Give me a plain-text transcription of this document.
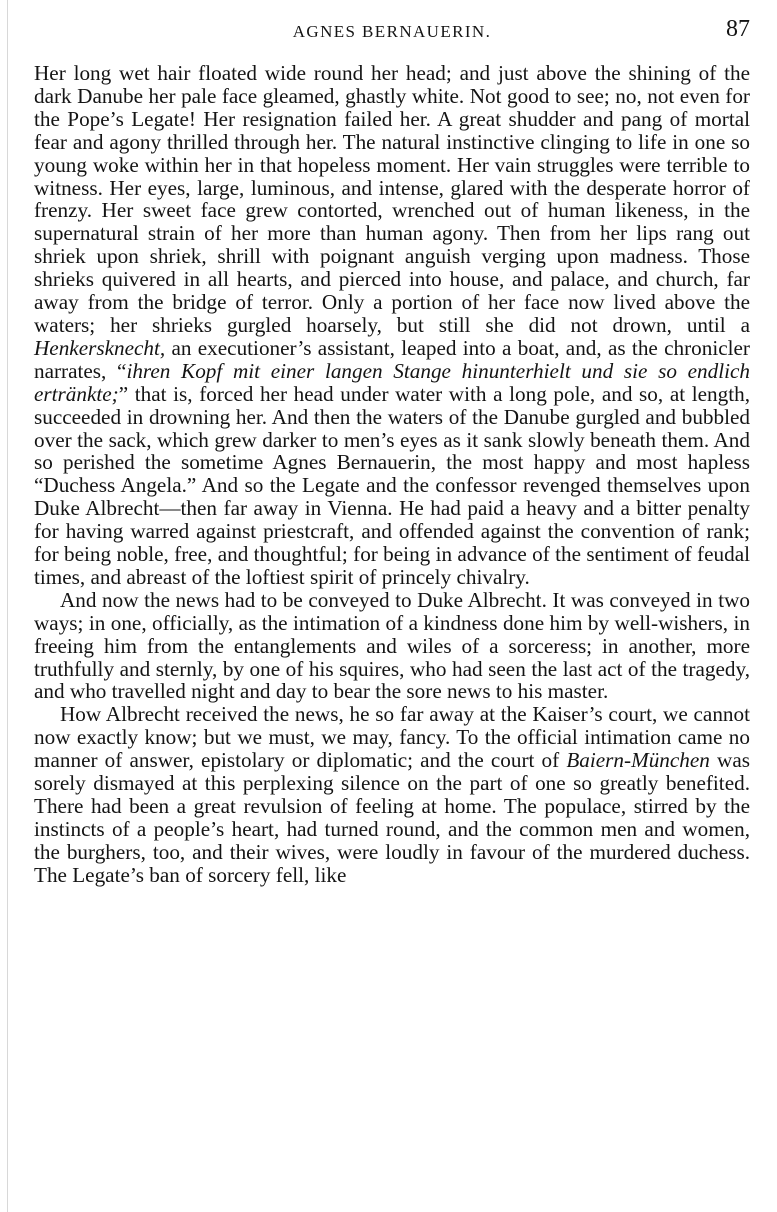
AGNES BERNAUERIN.	87

Her long wet hair floated wide round her head; and just above the shining of the dark Danube her pale face gleamed, ghastly white. Not good to see; no, not even for the Pope’s Legate! Her resignation failed her. A great shudder and pang of mortal fear and agony thrilled through her. The natural instinctive clinging to life in one so young woke within her in that hopeless moment. Her vain struggles were terrible to witness. Her eyes, large, luminous, and intense, glared with the desperate horror of frenzy. Her sweet face grew contorted, wrenched out of human likeness, in the supernatural strain of her more than human agony. Then from her lips rang out shriek upon shriek, shrill with poignant anguish verging upon madness. Those shrieks quivered in all hearts, and pierced into house, and palace, and church, far away from the bridge of terror. Only a portion of her face now lived above the waters; her shrieks gurgled hoarsely, but still she did not drown, until a Henkersknecht, an executioner’s assistant, leaped into a boat, and, as the chronicler narrates, “ihren Kopf mit einer langen Stange hinunterhielt und sie so endlich ertränkte;” that is, forced her head under water with a long pole, and so, at length, succeeded in drowning her. And then the waters of the Danube gurgled and bubbled over the sack, which grew darker to men’s eyes as it sank slowly beneath them. And so perished the sometime Agnes Bernauerin, the most happy and most hapless “Duchess Angela.” And so the Legate and the confessor revenged themselves upon Duke Albrecht—then far away in Vienna. He had paid a heavy and a bitter penalty for having warred against priestcraft, and offended against the convention of rank; for being noble, free, and thoughtful; for being in advance of the sentiment of feudal times, and abreast of the loftiest spirit of princely chivalry.

And now the news had to be conveyed to Duke Albrecht. It was conveyed in two ways; in one, officially, as the intimation of a kindness done him by well-wishers, in freeing him from the entanglements and wiles of a sorceress; in another, more truthfully and sternly, by one of his squires, who had seen the last act of the tragedy, and who travelled night and day to bear the sore news to his master.

How Albrecht received the news, he so far away at the Kaiser’s court, we cannot now exactly know; but we must, we may, fancy. To the official intimation came no manner of answer, epistolary or diplomatic; and the court of Baiern-München was sorely dismayed at this perplexing silence on the part of one so greatly benefited. There had been a great revulsion of feeling at home. The populace, stirred by the instincts of a people’s heart, had turned round, and the common men and women, the burghers, too, and their wives, were loudly in favour of the murdered duchess. The Legate’s ban of sorcery fell, like
